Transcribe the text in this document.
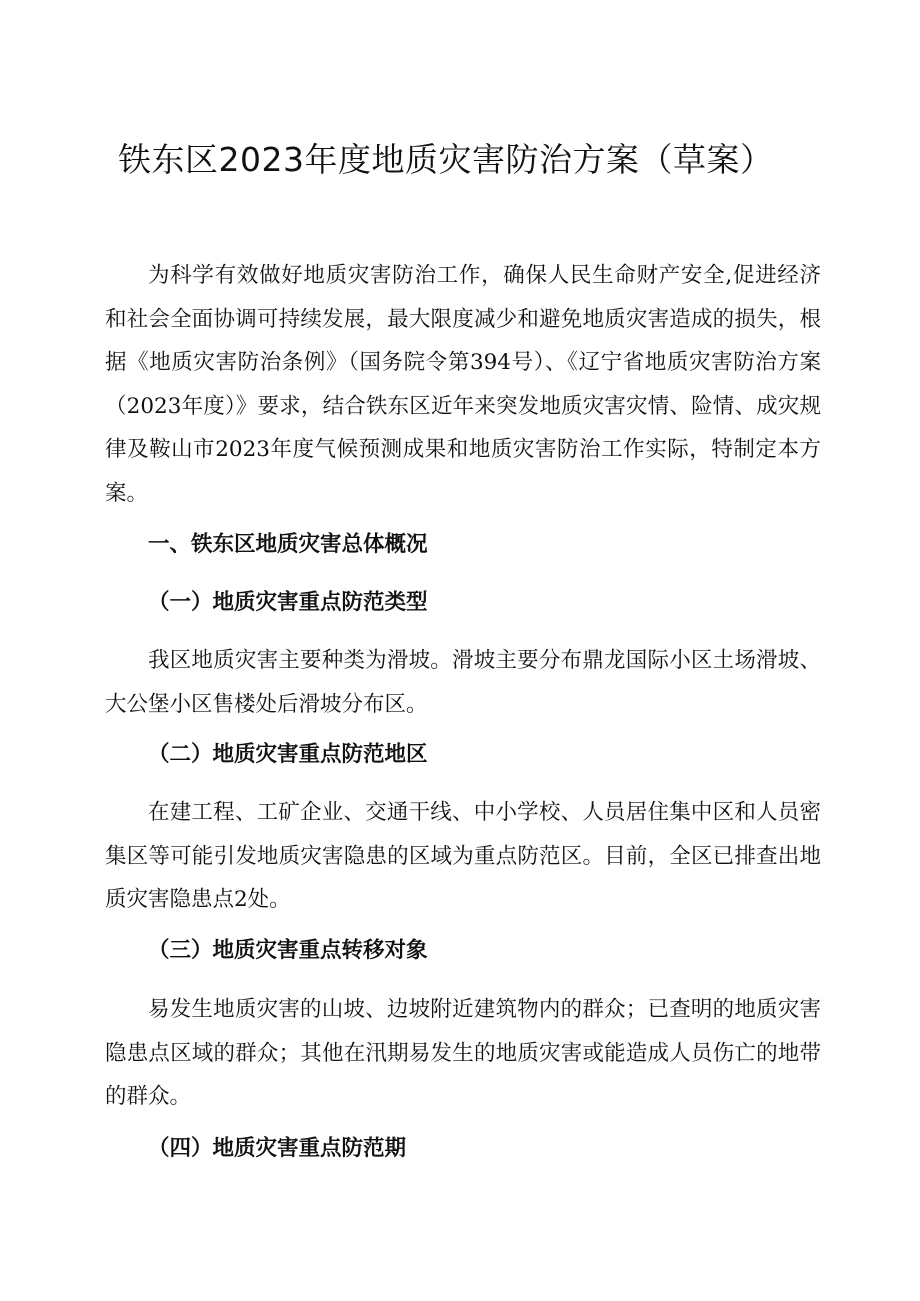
铁东区2023年度地质灾害防治方案（草案）

为科学有效做好地质灾害防治工作，确保人民生命财产安全,促进经济和社会全面协调可持续发展，最大限度减少和避免地质灾害造成的损失，根据《地质灾害防治条例》（国务院令第394号）、《辽宁省地质灾害防治方案（2023年度）》要求，结合铁东区近年来突发地质灾害灾情、险情、成灾规律及鞍山市2023年度气候预测成果和地质灾害防治工作实际，特制定本方案。

一、铁东区地质灾害总体概况
（一）地质灾害重点防范类型

我区地质灾害主要种类为滑坡。滑坡主要分布鼎龙国际小区土场滑坡、大公堡小区售楼处后滑坡分布区。

（二）地质灾害重点防范地区

在建工程、工矿企业、交通干线、中小学校、人员居住集中区和人员密集区等可能引发地质灾害隐患的区域为重点防范区。目前，全区已排查出地质灾害隐患点2处。

（三）地质灾害重点转移对象

易发生地质灾害的山坡、边坡附近建筑物内的群众；已查明的地质灾害隐患点区域的群众；其他在汛期易发生的地质灾害或能造成人员伤亡的地带的群众。

（四）地质灾害重点防范期
